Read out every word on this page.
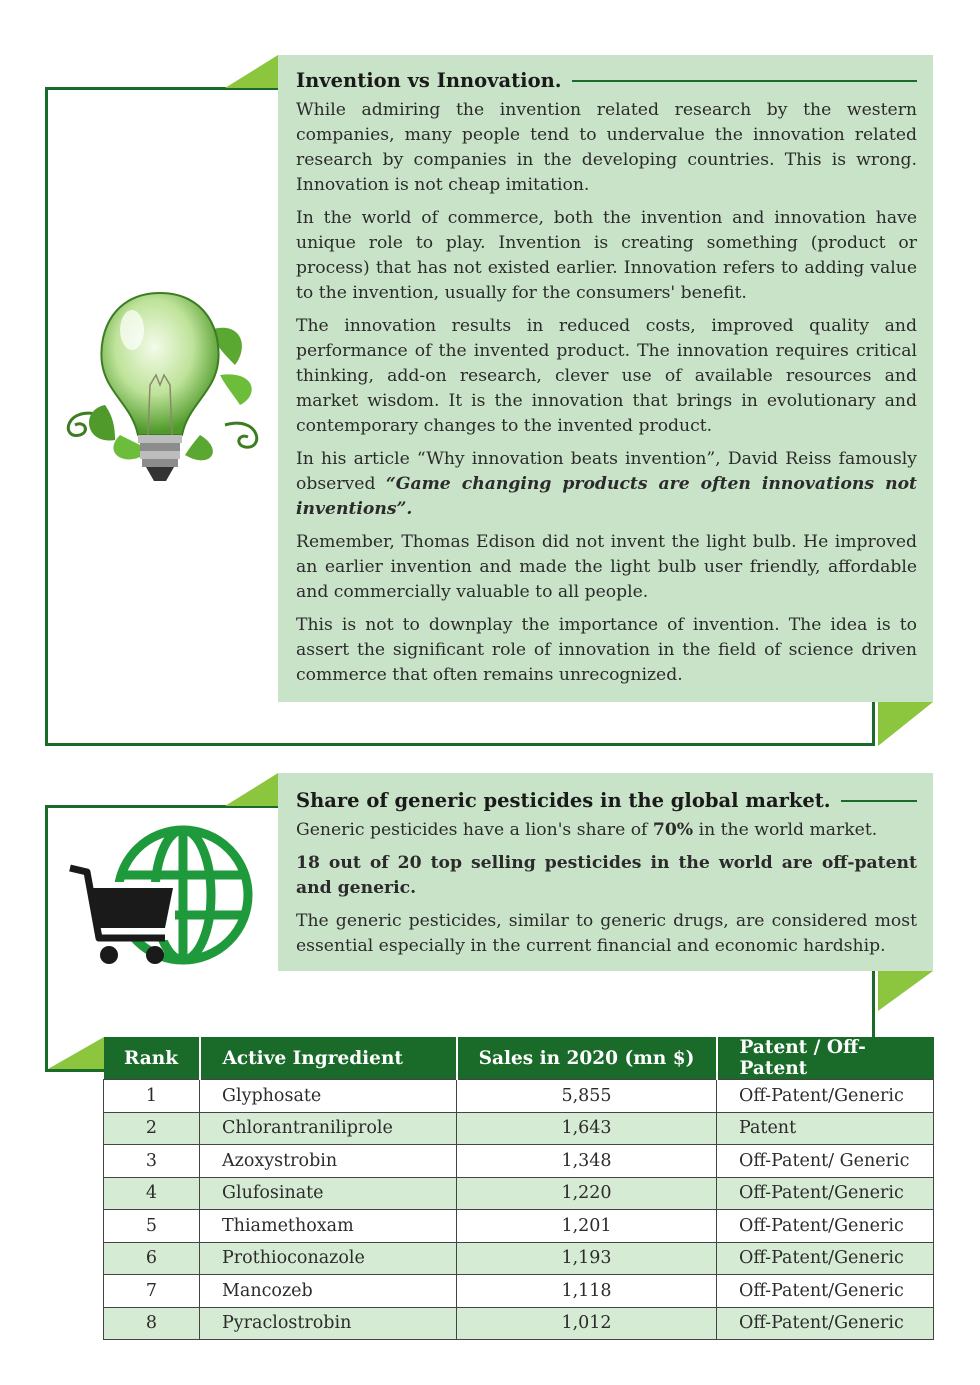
Invention vs Innovation.

While admiring the invention related research by the western companies, many people tend to undervalue the innovation related research by companies in the developing countries. This is wrong. Innovation is not cheap imitation.

In the world of commerce, both the invention and innovation have unique role to play. Invention is creating something (product or process) that has not existed earlier. Innovation refers to adding value to the invention, usually for the consumers' benefit.

The innovation results in reduced costs, improved quality and performance of the invented product. The innovation requires critical thinking, add-on research, clever use of available resources and market wisdom. It is the innovation that brings in evolutionary and contemporary changes to the invented product.

In his article “Why innovation beats invention”, David Reiss famously observed “Game changing products are often innovations not inventions”.

Remember, Thomas Edison did not invent the light bulb. He improved an earlier invention and made the light bulb user friendly, affordable and commercially valuable to all people.

This is not to downplay the importance of invention. The idea is to assert the significant role of innovation in the field of science driven commerce that often remains unrecognized.

Share of generic pesticides in the global market.

Generic pesticides have a lion's share of 70% in the world market.

18 out of 20 top selling pesticides in the world are off-patent and generic.

The generic pesticides, similar to generic drugs, are considered most essential especially in the current financial and economic hardship.

Rank	Active Ingredient	Sales in 2020 (mn $)	Patent / Off-Patent
1	Glyphosate	5,855	Off-Patent/Generic
2	Chlorantraniliprole	1,643	Patent
3	Azoxystrobin	1,348	Off-Patent/ Generic
4	Glufosinate	1,220	Off-Patent/Generic
5	Thiamethoxam	1,201	Off-Patent/Generic
6	Prothioconazole	1,193	Off-Patent/Generic
7	Mancozeb	1,118	Off-Patent/Generic
8	Pyraclostrobin	1,012	Off-Patent/Generic
